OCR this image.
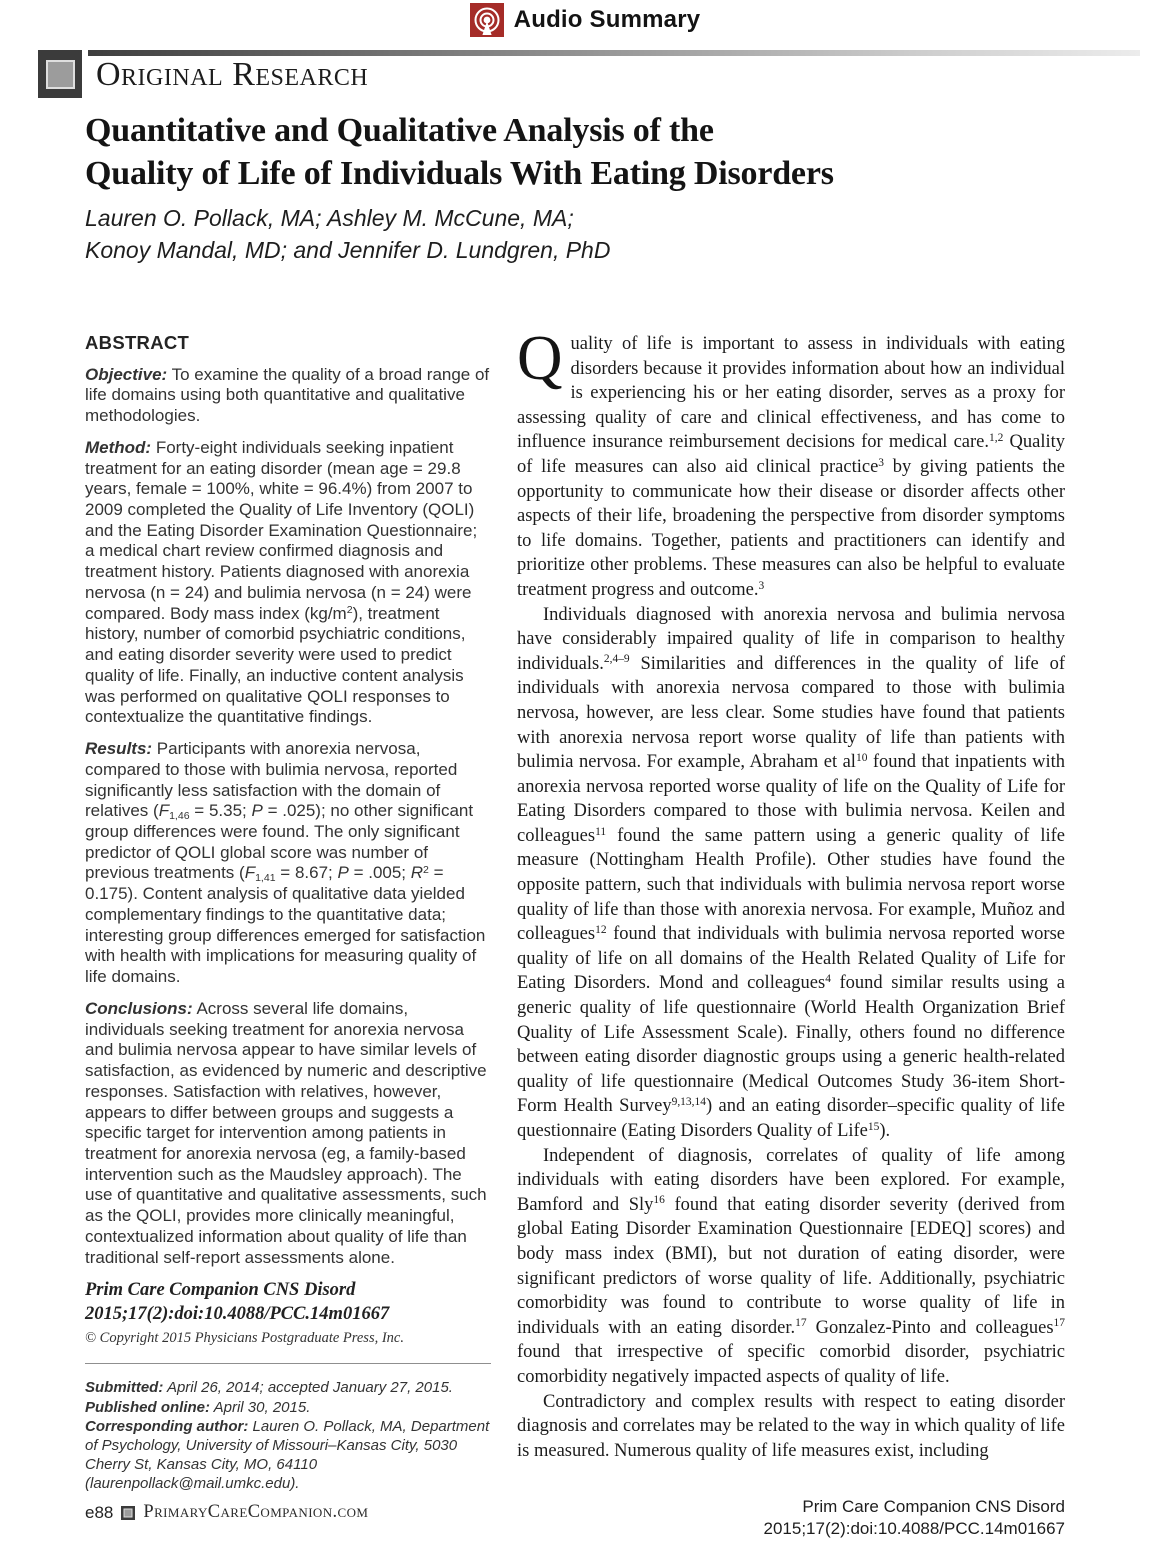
Audio Summary
Original Research
Quantitative and Qualitative Analysis of the
Quality of Life of Individuals With Eating Disorders
Lauren O. Pollack, MA; Ashley M. McCune, MA;
Konoy Mandal, MD; and Jennifer D. Lundgren, PhD

ABSTRACT

Objective: To examine the quality of a broad range of life domains using both quantitative and qualitative methodologies.

Method: Forty-eight individuals seeking inpatient treatment for an eating disorder (mean age = 29.8 years, female = 100%, white = 96.4%) from 2007 to 2009 completed the Quality of Life Inventory (QOLI) and the Eating Disorder Examination Questionnaire; a medical chart review confirmed diagnosis and treatment history. Patients diagnosed with anorexia nervosa (n = 24) and bulimia nervosa (n = 24) were compared. Body mass index $(kg/m^2)$, treatment history, number of comorbid psychiatric conditions, and eating disorder severity were used to predict quality of life. Finally, an inductive content analysis was performed on qualitative QOLI responses to contextualize the quantitative findings.

Results: Participants with anorexia nervosa, compared to those with bulimia nervosa, reported significantly less satisfaction with the domain of relatives ($F_{1,46} = 5.35$; P = .025); no other significant group differences were found. The only significant predictor of QOLI global score was number of previous treatments ($F_{1,41} = 8.67$; P = .005; $R^2 = 0.175$). Content analysis of qualitative data yielded complementary findings to the quantitative data; interesting group differences emerged for satisfaction with health with implications for measuring quality of life domains.

Conclusions: Across several life domains, individuals seeking treatment for anorexia nervosa and bulimia nervosa appear to have similar levels of satisfaction, as evidenced by numeric and descriptive responses. Satisfaction with relatives, however, appears to differ between groups and suggests a specific target for intervention among patients in treatment for anorexia nervosa (eg, a family-based intervention such as the Maudsley approach). The use of quantitative and qualitative assessments, such as the QOLI, provides more clinically meaningful, contextualized information about quality of life than traditional self-report assessments alone.

Prim Care Companion CNS Disord
2015;17(2):doi:10.4088/PCC.14m01667

© Copyright 2015 Physicians Postgraduate Press, Inc.

Submitted: April 26, 2014; accepted January 27, 2015.

Published online: April 30, 2015.

Corresponding author: Lauren O. Pollack, MA, Department of Psychology, University of Missouri–Kansas City, 5030 Cherry St, Kansas City, MO, 64110 (laurenpollack@mail.umkc.edu).

Quality of life is important to assess in individuals with eating disorders because it provides information about how an individual is experiencing his or her eating disorder, serves as a proxy for assessing quality of care and clinical effectiveness, and has come to influence insurance reimbursement decisions for medical care.$^{1,2}$ Quality of life measures can also aid clinical practice$^3$ by giving patients the opportunity to communicate how their disease or disorder affects other aspects of their life, broadening the perspective from disorder symptoms to life domains. Together, patients and practitioners can identify and prioritize other problems. These measures can also be helpful to evaluate treatment progress and outcome.$^3$

Individuals diagnosed with anorexia nervosa and bulimia nervosa have considerably impaired quality of life in comparison to healthy individuals.$^{2,4-9}$ Similarities and differences in the quality of life of individuals with anorexia nervosa compared to those with bulimia nervosa, however, are less clear. Some studies have found that patients with anorexia nervosa report worse quality of life than patients with bulimia nervosa. For example, Abraham et $al^{10}$ found that inpatients with anorexia nervosa reported worse quality of life on the Quality of Life for Eating Disorders compared to those with bulimia nervosa. Keilen and colleagues$^{11}$ found the same pattern using a generic quality of life measure (Nottingham Health Profile). Other studies have found the opposite pattern, such that individuals with bulimia nervosa report worse quality of life than those with anorexia nervosa. For example, Muñoz and colleagues$^{12}$ found that individuals with bulimia nervosa reported worse quality of life on all domains of the Health Related Quality of Life for Eating Disorders. Mond and colleagues$^4$ found similar results using a generic quality of life questionnaire (World Health Organization Brief Quality of Life Assessment Scale). Finally, others found no difference between eating disorder diagnostic groups using a generic health-related quality of life questionnaire (Medical Outcomes Study 36-item Short-Form Health Survey$^{9,13,14}$) and an eating disorder–specific quality of life questionnaire (Eating Disorders Quality of Life$^{15}$).

Independent of diagnosis, correlates of quality of life among individuals with eating disorders have been explored. For example, Bamford and Sly$^{16}$ found that eating disorder severity (derived from global Eating Disorder Examination Questionnaire [EDEQ] scores) and body mass index (BMI), but not duration of eating disorder, were significant predictors of worse quality of life. Additionally, psychiatric comorbidity was found to contribute to worse quality of life in individuals with an eating disorder.$^{17}$ Gonzalez-Pinto and colleagues$^{17}$ found that irrespective of specific comorbid disorder, psychiatric comorbidity negatively impacted aspects of quality of life.

Contradictory and complex results with respect to eating disorder diagnosis and correlates may be related to the way in which quality of life is measured. Numerous quality of life measures exist, including

e88 PrimaryCareCompanion.com	Prim Care Companion CNS Disord
2015;17(2):doi:10.4088/PCC.14m01667
